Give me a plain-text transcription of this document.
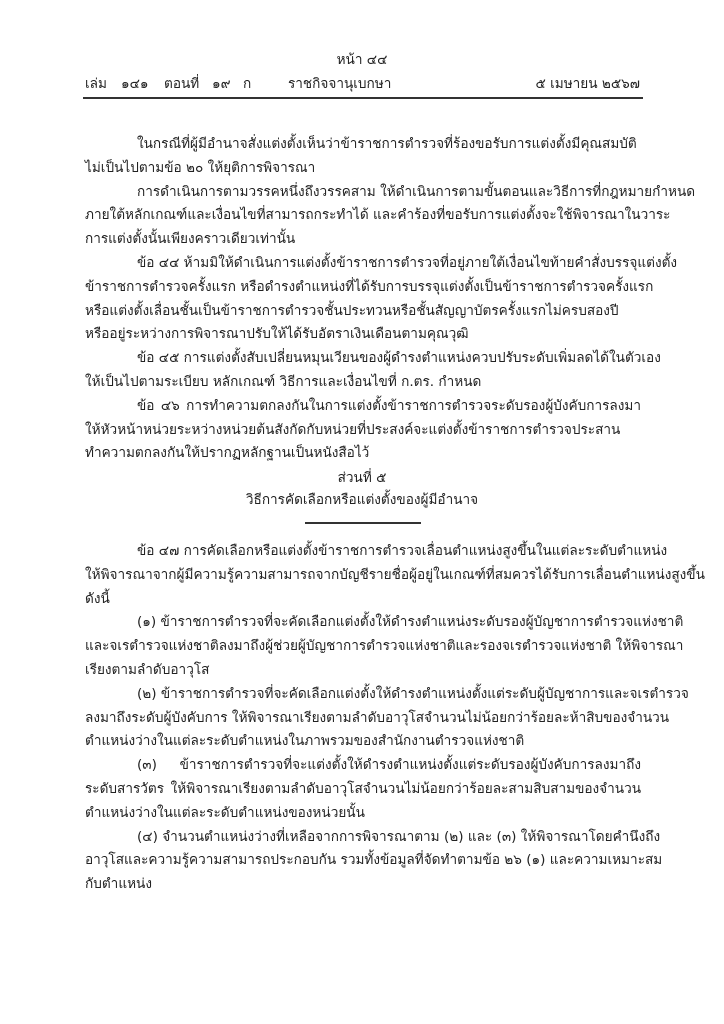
หน้า ๔๔
เล่ม ๑๔๑ ตอนที่ ๑๙ ก	ราชกิจจานุเบกษา	๕ เมษายน ๒๕๖๗
ในกรณีที่ผู้มีอำนาจสั่งแต่งตั้งเห็นว่าข้าราชการตำรวจที่ร้องขอรับการแต่งตั้งมีคุณสมบัติ
ไม่เป็นไปตามข้อ ๒๐ ให้ยุติการพิจารณา
การดำเนินการตามวรรคหนึ่งถึงวรรคสาม ให้ดำเนินการตามขั้นตอนและวิธีการที่กฎหมายกำหนด
ภายใต้หลักเกณฑ์และเงื่อนไขที่สามารถกระทำได้ และคำร้องที่ขอรับการแต่งตั้งจะใช้พิจารณาในวาระ
การแต่งตั้งนั้นเพียงคราวเดียวเท่านั้น
ข้อ ๔๔ ห้ามมิให้ดำเนินการแต่งตั้งข้าราชการตำรวจที่อยู่ภายใต้เงื่อนไขท้ายคำสั่งบรรจุแต่งตั้ง
ข้าราชการตำรวจครั้งแรก หรือดำรงตำแหน่งที่ได้รับการบรรจุแต่งตั้งเป็นข้าราชการตำรวจครั้งแรก
หรือแต่งตั้งเลื่อนชั้นเป็นข้าราชการตำรวจชั้นประทวนหรือชั้นสัญญาบัตรครั้งแรกไม่ครบสองปี
หรืออยู่ระหว่างการพิจารณาปรับให้ได้รับอัตราเงินเดือนตามคุณวุฒิ
ข้อ ๔๕ การแต่งตั้งสับเปลี่ยนหมุนเวียนของผู้ดำรงตำแหน่งควบปรับระดับเพิ่มลดได้ในตัวเอง
ให้เป็นไปตามระเบียบ หลักเกณฑ์ วิธีการและเงื่อนไขที่ ก.ตร. กำหนด
ข้อ ๔๖ การทำความตกลงกันในการแต่งตั้งข้าราชการตำรวจระดับรองผู้บังคับการลงมา
ให้หัวหน้าหน่วยระหว่างหน่วยต้นสังกัดกับหน่วยที่ประสงค์จะแต่งตั้งข้าราชการตำรวจประสาน
ทำความตกลงกันให้ปรากฏหลักฐานเป็นหนังสือไว้
ส่วนที่ ๕
วิธีการคัดเลือกหรือแต่งตั้งของผู้มีอำนาจ
ข้อ ๔๗ การคัดเลือกหรือแต่งตั้งข้าราชการตำรวจเลื่อนตำแหน่งสูงขึ้นในแต่ละระดับตำแหน่ง
ให้พิจารณาจากผู้มีความรู้ความสามารถจากบัญชีรายชื่อผู้อยู่ในเกณฑ์ที่สมควรได้รับการเลื่อนตำแหน่งสูงขึ้น
ดังนี้
(๑) ข้าราชการตำรวจที่จะคัดเลือกแต่งตั้งให้ดำรงตำแหน่งระดับรองผู้บัญชาการตำรวจแห่งชาติ
และจเรตำรวจแห่งชาติลงมาถึงผู้ช่วยผู้บัญชาการตำรวจแห่งชาติและรองจเรตำรวจแห่งชาติ ให้พิจารณา
เรียงตามลำดับอาวุโส
(๒) ข้าราชการตำรวจที่จะคัดเลือกแต่งตั้งให้ดำรงตำแหน่งตั้งแต่ระดับผู้บัญชาการและจเรตำรวจ
ลงมาถึงระดับผู้บังคับการ ให้พิจารณาเรียงตามลำดับอาวุโสจำนวนไม่น้อยกว่าร้อยละห้าสิบของจำนวน
ตำแหน่งว่างในแต่ละระดับตำแหน่งในภาพรวมของสำนักงานตำรวจแห่งชาติ
(๓) ข้าราชการตำรวจที่จะแต่งตั้งให้ดำรงตำแหน่งตั้งแต่ระดับรองผู้บังคับการลงมาถึง
ระดับสารวัตร ให้พิจารณาเรียงตามลำดับอาวุโสจำนวนไม่น้อยกว่าร้อยละสามสิบสามของจำนวน
ตำแหน่งว่างในแต่ละระดับตำแหน่งของหน่วยนั้น
(๔) จำนวนตำแหน่งว่างที่เหลือจากการพิจารณาตาม (๒) และ (๓) ให้พิจารณาโดยคำนึงถึง
อาวุโสและความรู้ความสามารถประกอบกัน รวมทั้งข้อมูลที่จัดทำตามข้อ ๒๖ (๑) และความเหมาะสม
กับตำแหน่ง
